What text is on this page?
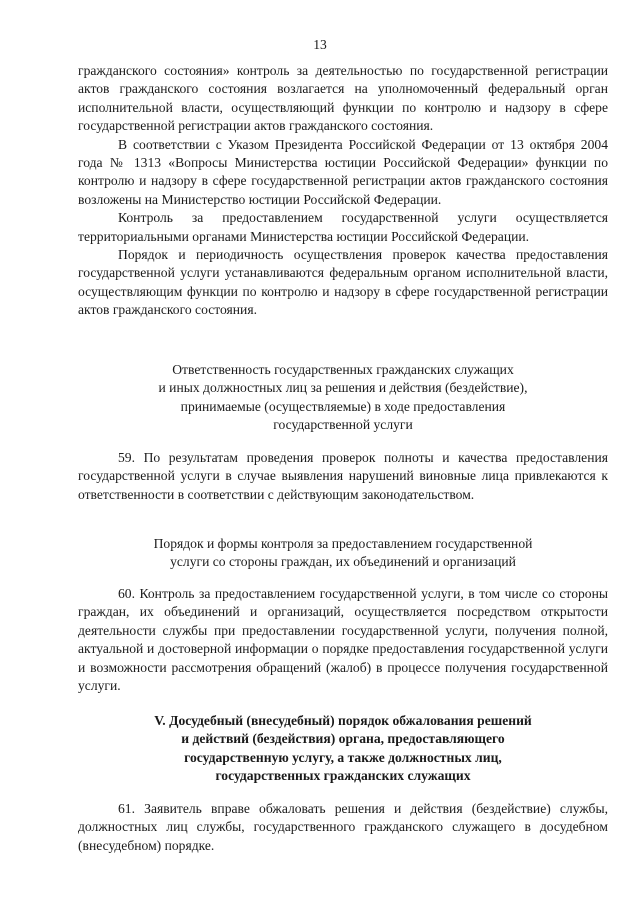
13

гражданского состояния» контроль за деятельностью по государственной регистрации актов гражданского состояния возлагается на уполномоченный федеральный орган исполнительной власти, осуществляющий функции по контролю и надзору в сфере государственной регистрации актов гражданского состояния.

В соответствии с Указом Президента Российской Федерации от 13 октября 2004 года № 1313 «Вопросы Министерства юстиции Российской Федерации» функции по контролю и надзору в сфере государственной регистрации актов гражданского состояния возложены на Министерство юстиции Российской Федерации.

Контроль за предоставлением государственной услуги осуществляется территориальными органами Министерства юстиции Российской Федерации.

Порядок и периодичность осуществления проверок качества предоставления государственной услуги устанавливаются федеральным органом исполнительной власти, осуществляющим функции по контролю и надзору в сфере государственной регистрации актов гражданского состояния.

Ответственность государственных гражданских служащих
и иных должностных лиц за решения и действия (бездействие),
принимаемые (осуществляемые) в ходе предоставления
государственной услуги

59. По результатам проведения проверок полноты и качества предоставления государственной услуги в случае выявления нарушений виновные лица привлекаются к ответственности в соответствии с действующим законодательством.

Порядок и формы контроля за предоставлением государственной
услуги со стороны граждан, их объединений и организаций

60. Контроль за предоставлением государственной услуги, в том числе со стороны граждан, их объединений и организаций, осуществляется посредством открытости деятельности службы при предоставлении государственной услуги, получения полной, актуальной и достоверной информации о порядке предоставления государственной услуги и возможности рассмотрения обращений (жалоб) в процессе получения государственной услуги.

V. Досудебный (внесудебный) порядок обжалования решений
и действий (бездействия) органа, предоставляющего
государственную услугу, а также должностных лиц,
государственных гражданских служащих

61. Заявитель вправе обжаловать решения и действия (бездействие) службы, должностных лиц службы, государственного гражданского служащего в досудебном (внесудебном) порядке.
